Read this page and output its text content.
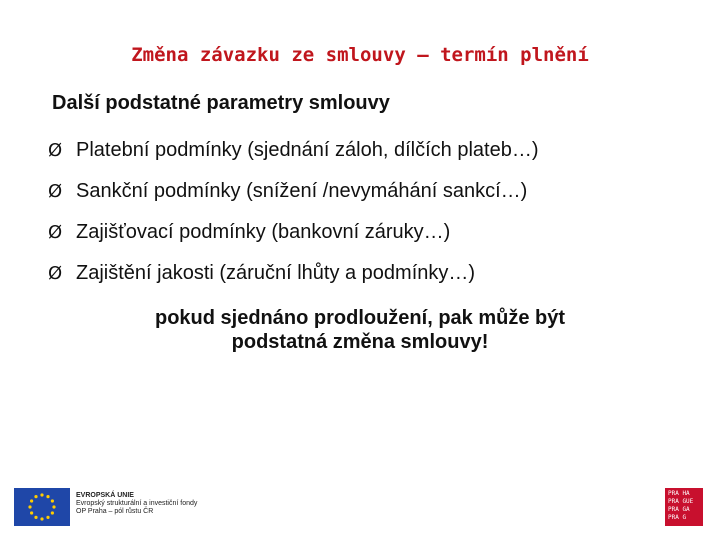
Změna závazku ze smlouvy – termín plnění
Další podstatné parametry smlouvy
Ø Platební podmínky (sjednání záloh, dílčích plateb…)
Ø Sankční podmínky (snížení /nevymáhání sankcí…)
Ø Zajišťovací podmínky (bankovní záruky…)
Ø Zajištění jakosti (záruční lhůty a podmínky…)
pokud sjednáno prodloužení, pak může být
podstatná změna smlouvy!
EVROPSKÁ UNIE
Evropský strukturální a investiční fondy
OP Praha – pól růstu ČR
PRA HA
PRA GUE
PRA GA
PRA G
